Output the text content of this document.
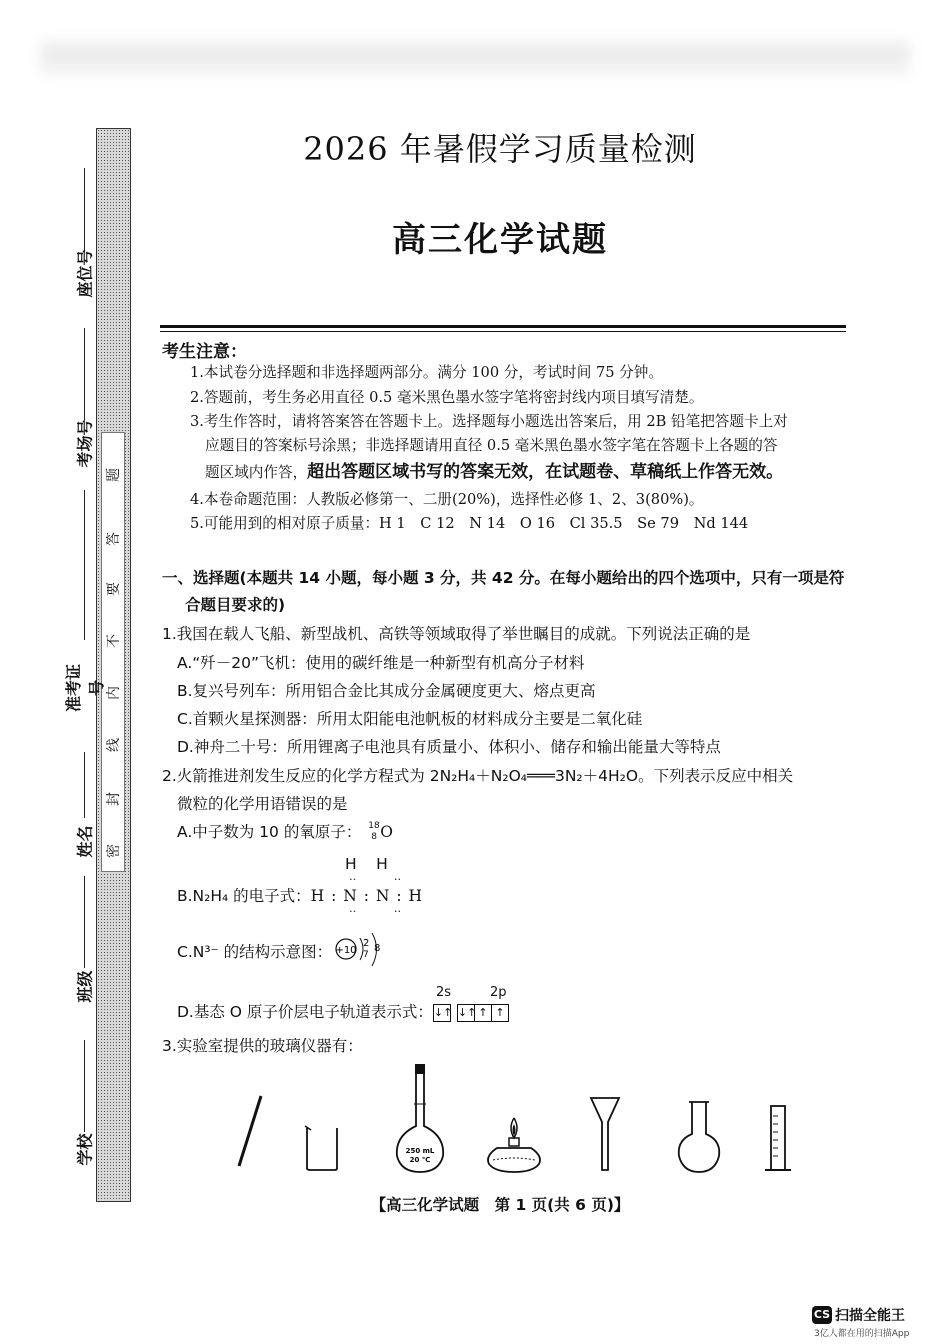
题
答
要
不
内
线
封
密
座位号
考场号
准考证号
姓名
班级
学校
2026 年暑假学习质量检测
高三化学试题
考生注意：
1.本试卷分选择题和非选择题两部分。满分 100 分，考试时间 75 分钟。
2.答题前，考生务必用直径 0.5 毫米黑色墨水签字笔将密封线内项目填写清楚。
3.考生作答时，请将答案答在答题卡上。选择题每小题选出答案后，用 2B 铅笔把答题卡上对
应题目的答案标号涂黑；非选择题请用直径 0.5 毫米黑色墨水签字笔在答题卡上各题的答
题区域内作答，超出答题区域书写的答案无效，在试题卷、草稿纸上作答无效。
4.本卷命题范围：人教版必修第一、二册(20%)，选择性必修 1、2、3(80%)。
5.可能用到的相对原子质量：H 1　C 12　N 14　O 16　Cl 35.5　Se 79　Nd 144
一、选择题(本题共 14 小题，每小题 3 分，共 42 分。在每小题给出的四个选项中，只有一项是符
合题目要求的)
1.我国在载人飞船、新型战机、高铁等领域取得了举世瞩目的成就。下列说法正确的是
A.“歼－20”飞机：使用的碳纤维是一种新型有机高分子材料
B.复兴号列车：所用铝合金比其成分金属硬度更大、熔点更高
C.首颗火星探测器：所用太阳能电池帆板的材料成分主要是二氧化硅
D.神舟二十号：所用锂离子电池具有质量小、体积小、储存和输出能量大等特点
2.火箭推进剂发生反应的化学方程式为 2N₂H₄＋N₂O₄═══3N₂＋4H₂O。下列表示反应中相关
微粒的化学用语错误的是
A.中子数为 10 的氧原子： 18
8 O
H　H
‥ ‥
B.N₂H₄ 的电子式：H : N : N : H
‥ ‥
C.N³⁻ 的结构示意图： +10
2
7
8
2s	2p
D.基态 O 原子价层电子轨道表示式：↓↑ ↓↑ ↑ ↑
3.实验室提供的玻璃仪器有：
250 mL
20 ℃
【高三化学试题　第 1 页(共 6 页)】
CS 扫描全能王
3亿人都在用的扫描App
